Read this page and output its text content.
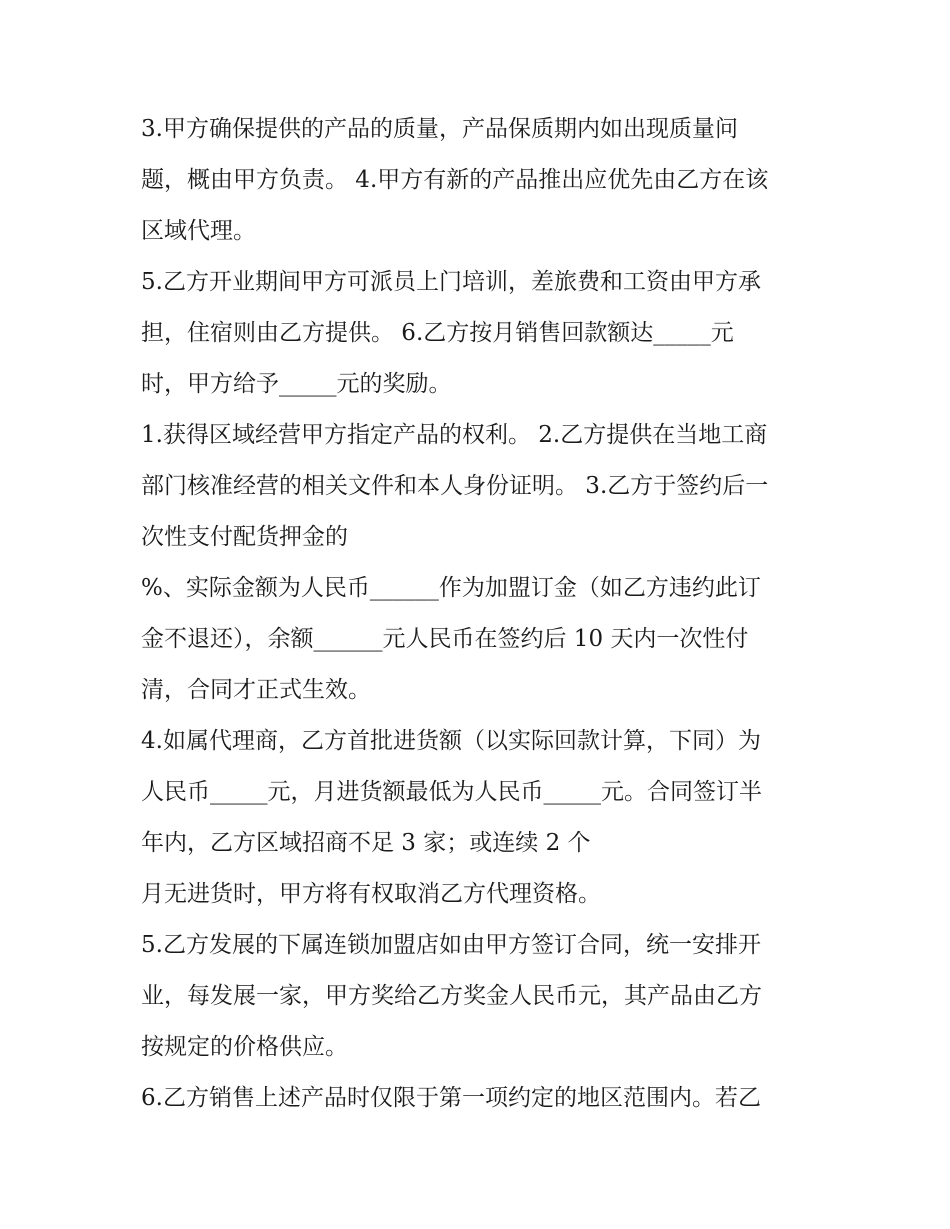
3.甲方确保提供的产品的质量，产品保质期内如出现质量问
题，概由甲方负责。 4.甲方有新的产品推出应优先由乙方在该
区域代理。
5.乙方开业期间甲方可派员上门培训，差旅费和工资由甲方承
担，住宿则由乙方提供。 6.乙方按月销售回款额达_____元
时，甲方给予_____元的奖励。
1.获得区域经营甲方指定产品的权利。 2.乙方提供在当地工商
部门核准经营的相关文件和本人身份证明。 3.乙方于签约后一
次性支付配货押金的
%、实际金额为人民币______作为加盟订金（如乙方违约此订
金不退还），余额______元人民币在签约后 10 天内一次性付
清，合同才正式生效。
4.如属代理商，乙方首批进货额（以实际回款计算，下同）为
人民币_____元，月进货额最低为人民币_____元。合同签订半
年内，乙方区域招商不足 3 家；或连续 2 个
月无进货时，甲方将有权取消乙方代理资格。
5.乙方发展的下属连锁加盟店如由甲方签订合同，统一安排开
业，每发展一家，甲方奖给乙方奖金人民币元，其产品由乙方
按规定的价格供应。
6.乙方销售上述产品时仅限于第一项约定的地区范围内。若乙
